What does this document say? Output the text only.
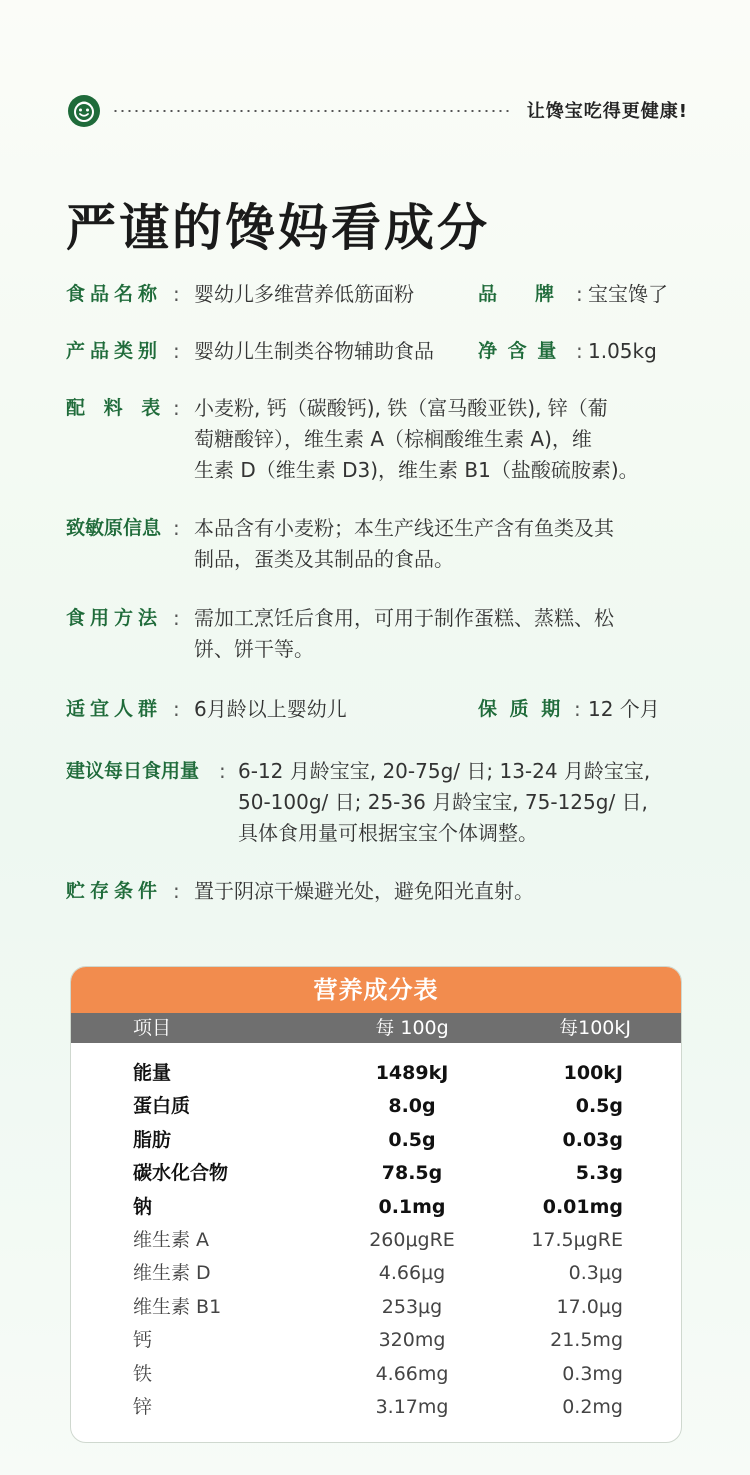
让馋宝吃得更健康!
严谨的馋妈看成分
食品名称 : 婴幼儿多维营养低筋面粉	品　　牌 : 宝宝馋了
产品类别 : 婴幼儿生制类谷物辅助食品 净 含 量 : 1.05kg
配 料 表 : 小麦粉, 钙（碳酸钙), 铁（富马酸亚铁), 锌（葡
萄糖酸锌），维生素 A（棕榈酸维生素 A)，维
生素 D（维生素 D3)，维生素 B1（盐酸硫胺素)。
致敏原信息 : 本品含有小麦粉；本生产线还生产含有鱼类及其
制品，蛋类及其制品的食品。
食用方法 : 需加工烹饪后食用，可用于制作蛋糕、蒸糕、松
饼、饼干等。
适宜人群 : 6月龄以上婴幼儿	保 质 期 : 12 个月
建议每日食用量 : 6-12 月龄宝宝, 20-75g/ 日; 13-24 月龄宝宝,
50-100g/ 日; 25-36 月龄宝宝, 75-125g/ 日,
具体食用量可根据宝宝个体调整。
贮存条件 : 置于阴凉干燥避光处，避免阳光直射。
营养成分表
项目	每 100g	每100kJ
能量	1489kJ	100kJ
蛋白质	8.0g	0.5g
脂肪	0.5g	0.03g
碳水化合物	78.5g	5.3g
钠	0.1mg	0.01mg
维生素 A	260μgRE	17.5μgRE
维生素 D	4.66μg	0.3μg
维生素 B1	253μg	17.0μg
钙	320mg	21.5mg
铁	4.66mg	0.3mg
锌	3.17mg	0.2mg
